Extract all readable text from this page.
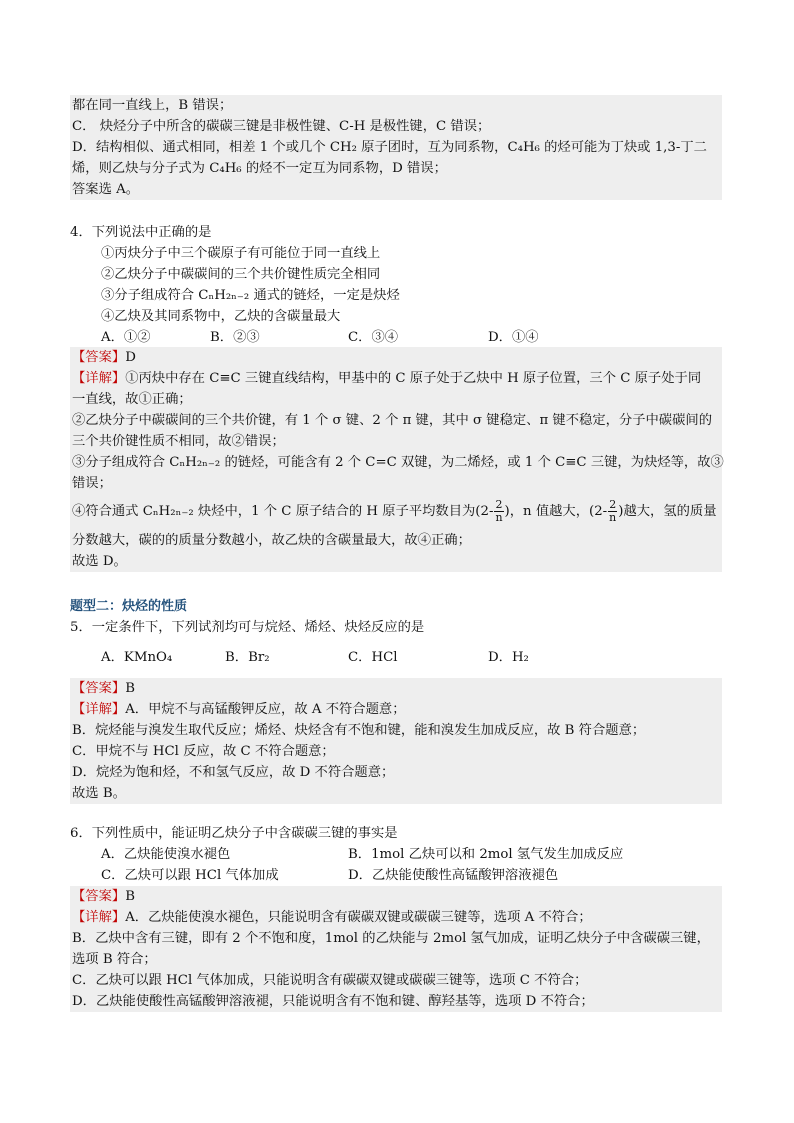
都在同一直线上，B 错误；
C． 炔烃分子中所含的碳碳三键是非极性键、C-H 是极性键，C 错误；
D．结构相似、通式相同，相差 1 个或几个 CH₂ 原子团时，互为同系物，C₄H₆ 的烃可能为丁炔或 1,3-丁二
烯，则乙炔与分子式为 C₄H₆ 的烃不一定互为同系物，D 错误；
答案选 A。
4．下列说法中正确的是
①丙炔分子中三个碳原子有可能位于同一直线上
②乙炔分子中碳碳间的三个共价键性质完全相同
③分子组成符合 CₙH₂ₙ₋₂ 通式的链烃，一定是炔烃
④乙炔及其同系物中，乙炔的含碳量最大
A．①②	B．②③	C．③④	D．①④
【答案】D
【详解】①丙炔中存在 C≡C 三键直线结构，甲基中的 C 原子处于乙炔中 H 原子位置，三个 C 原子处于同
一直线，故①正确；
②乙炔分子中碳碳间的三个共价键，有 1 个 σ 键、2 个 π 键，其中 σ 键稳定、π 键不稳定，分子中碳碳间的
三个共价键性质不相同，故②错误；
③分子组成符合 CₙH₂ₙ₋₂ 的链烃，可能含有 2 个 C=C 双键，为二烯烃，或 1 个 C≡C 三键，为炔烃等，故③
错误；
④符合通式 CₙH₂ₙ₋₂ 炔烃中，1 个 C 原子结合的 H 原子平均数目为($2- \frac{2}{n}$ )，n 值越大，($2- \frac{2}{n}$ )越大，氢的质量
分数越大，碳的的质量分数越小，故乙炔的含碳量最大，故④正确；
故选 D。
题型二：炔烃的性质
5．一定条件下，下列试剂均可与烷烃、烯烃、炔烃反应的是
A．KMnO₄	B．Br₂	C．HCl	D．H₂
【答案】B
【详解】A．甲烷不与高锰酸钾反应，故 A 不符合题意；
B．烷烃能与溴发生取代反应；烯烃、炔烃含有不饱和键，能和溴发生加成反应，故 B 符合题意；
C．甲烷不与 HCl 反应，故 C 不符合题意；
D．烷烃为饱和烃，不和氢气反应，故 D 不符合题意；
故选 B。
6．下列性质中，能证明乙炔分子中含碳碳三键的事实是
A．乙炔能使溴水褪色	B．1mol 乙炔可以和 2mol 氢气发生加成反应
C．乙炔可以跟 HCl 气体加成	D．乙炔能使酸性高锰酸钾溶液褪色
【答案】B
【详解】A．乙炔能使溴水褪色，只能说明含有碳碳双键或碳碳三键等，选项 A 不符合；
B．乙炔中含有三键，即有 2 个不饱和度，1mol 的乙炔能与 2mol 氢气加成，证明乙炔分子中含碳碳三键，
选项 B 符合；
C．乙炔可以跟 HCl 气体加成，只能说明含有碳碳双键或碳碳三键等，选项 C 不符合；
D．乙炔能使酸性高锰酸钾溶液褪，只能说明含有不饱和键、醇羟基等，选项 D 不符合；
